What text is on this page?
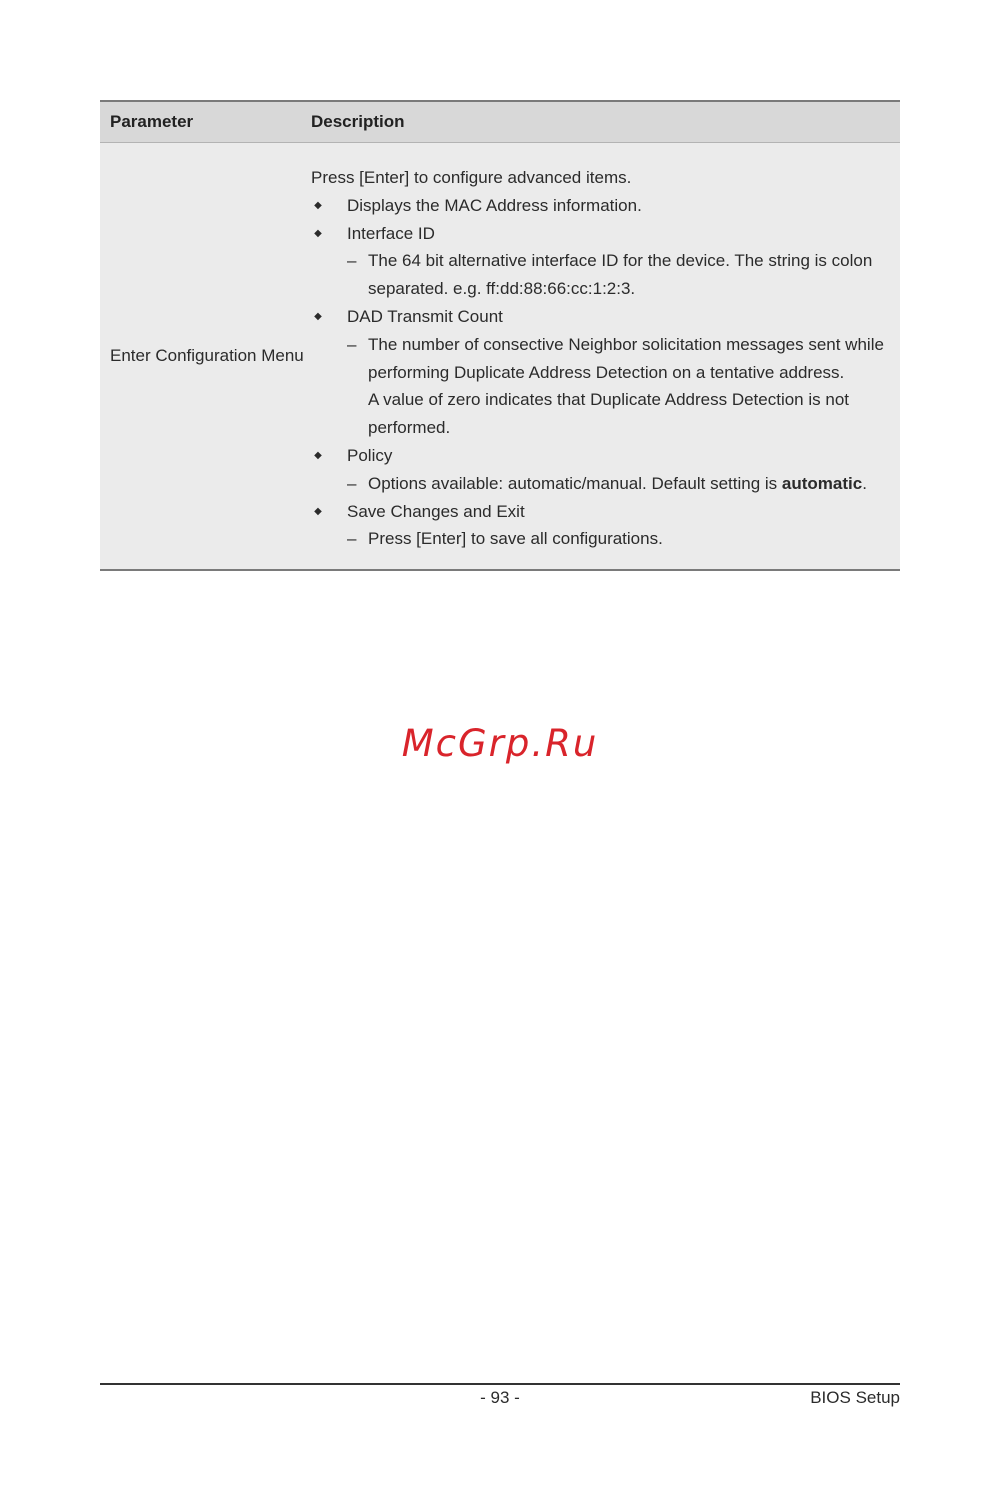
Parameter	Description
Enter Configuration Menu
Press [Enter] to configure advanced items.
◆ Displays the MAC Address information.
◆ Interface ID
– The 64 bit alternative interface ID for the device. The string is colon
separated. e.g. ff:dd:88:66:cc:1:2:3.
◆ DAD Transmit Count
– The number of consective Neighbor solicitation messages sent while
performing Duplicate Address Detection on a tentative address.
A value of zero indicates that Duplicate Address Detection is not
performed.
◆ Policy
– Options available: automatic/manual. Default setting is automatic.
◆ Save Changes and Exit
– Press [Enter] to save all configurations.
McGrp.Ru
- 93 -	BIOS Setup
